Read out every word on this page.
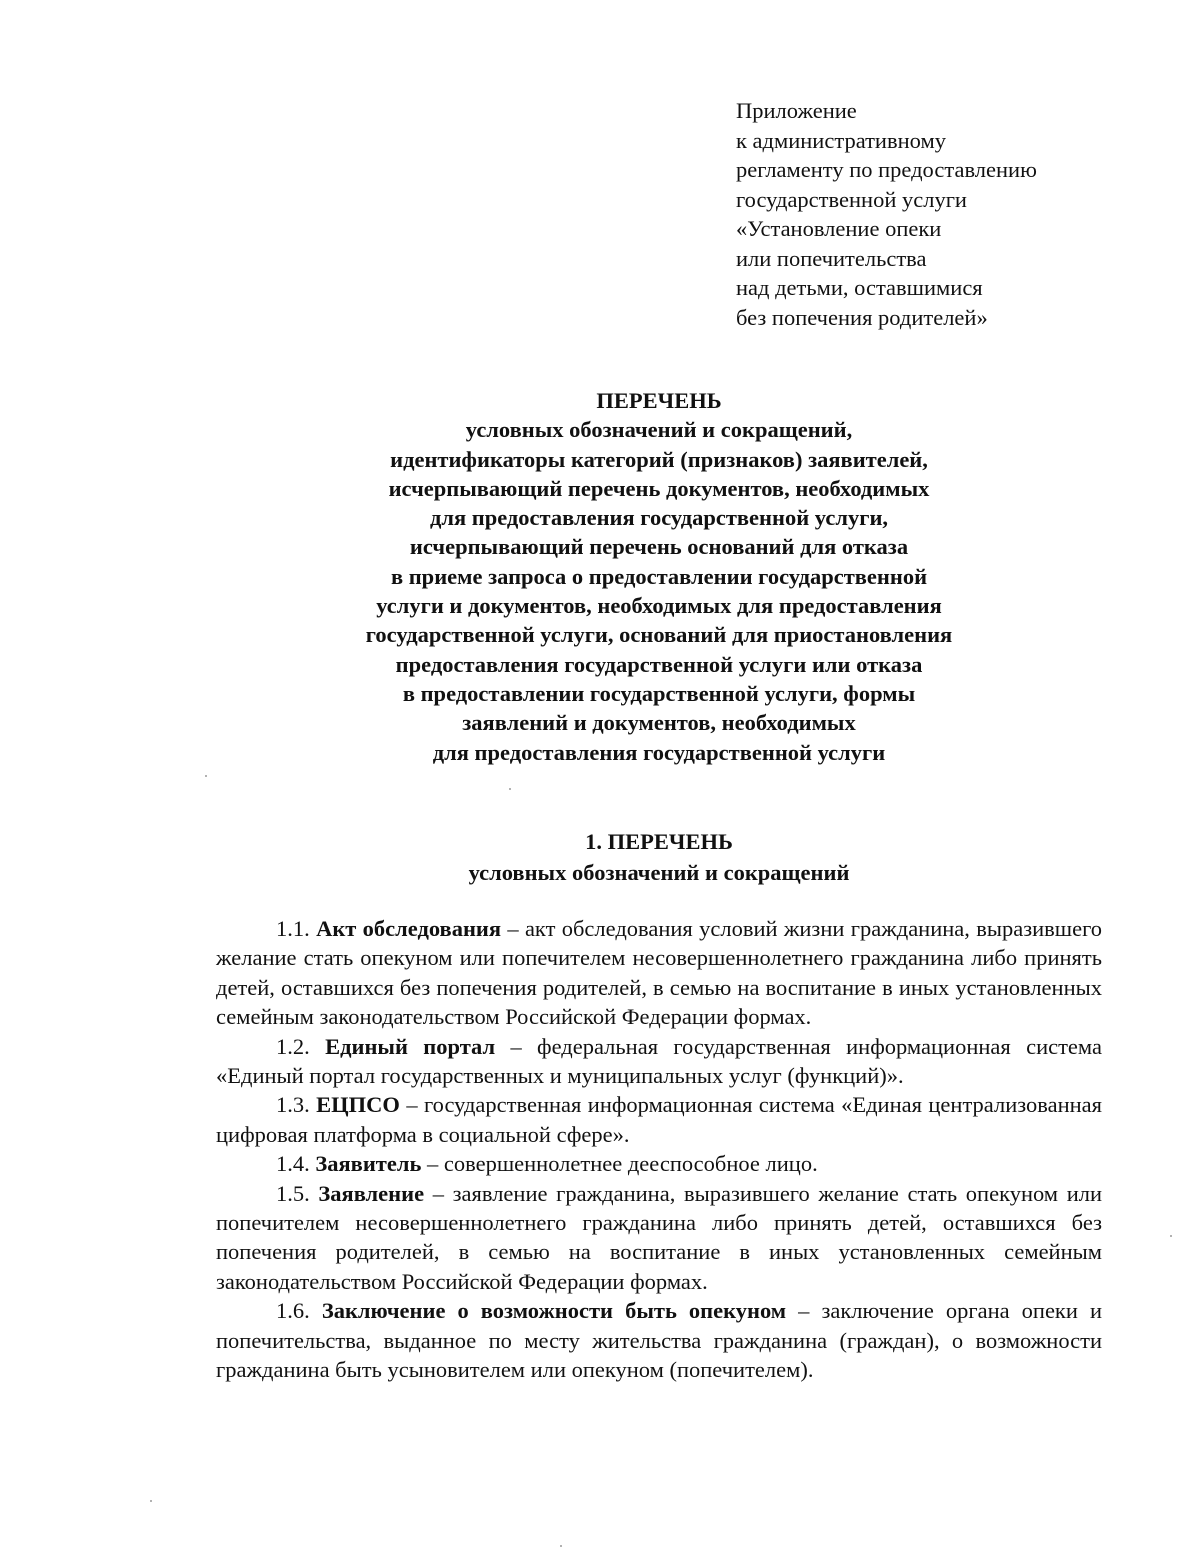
Приложение
к административному
регламенту по предоставлению
государственной услуги
«Установление опеки
или попечительства
над детьми, оставшимися
без попечения родителей»
ПЕРЕЧЕНЬ
условных обозначений и сокращений,
идентификаторы категорий (признаков) заявителей,
исчерпывающий перечень документов, необходимых
для предоставления государственной услуги,
исчерпывающий перечень оснований для отказа
в приеме запроса о предоставлении государственной
услуги и документов, необходимых для предоставления
государственной услуги, оснований для приостановления
предоставления государственной услуги или отказа
в предоставлении государственной услуги, формы
заявлений и документов, необходимых
для предоставления государственной услуги
1. ПЕРЕЧЕНЬ
условных обозначений и сокращений

1.1. Акт обследования – акт обследования условий жизни гражданина, выразившего желание стать опекуном или попечителем несовершеннолетнего гражданина либо принять детей, оставшихся без попечения родителей, в семью на воспитание в иных установленных семейным законодательством Российской Федерации формах.

1.2. Единый портал – федеральная государственная информационная система «Единый портал государственных и муниципальных услуг (функций)».

1.3. ЕЦПСО – государственная информационная система «Единая централизованная цифровая платформа в социальной сфере».

1.4. Заявитель – совершеннолетнее дееспособное лицо.

1.5. Заявление – заявление гражданина, выразившего желание стать опекуном или попечителем несовершеннолетнего гражданина либо принять детей, оставшихся без попечения родителей, в семью на воспитание в иных установленных семейным законодательством Российской Федерации формах.

1.6. Заключение о возможности быть опекуном – заключение органа опеки и попечительства, выданное по месту жительства гражданина (граждан), о возможности гражданина быть усыновителем или опекуном (попечителем).
